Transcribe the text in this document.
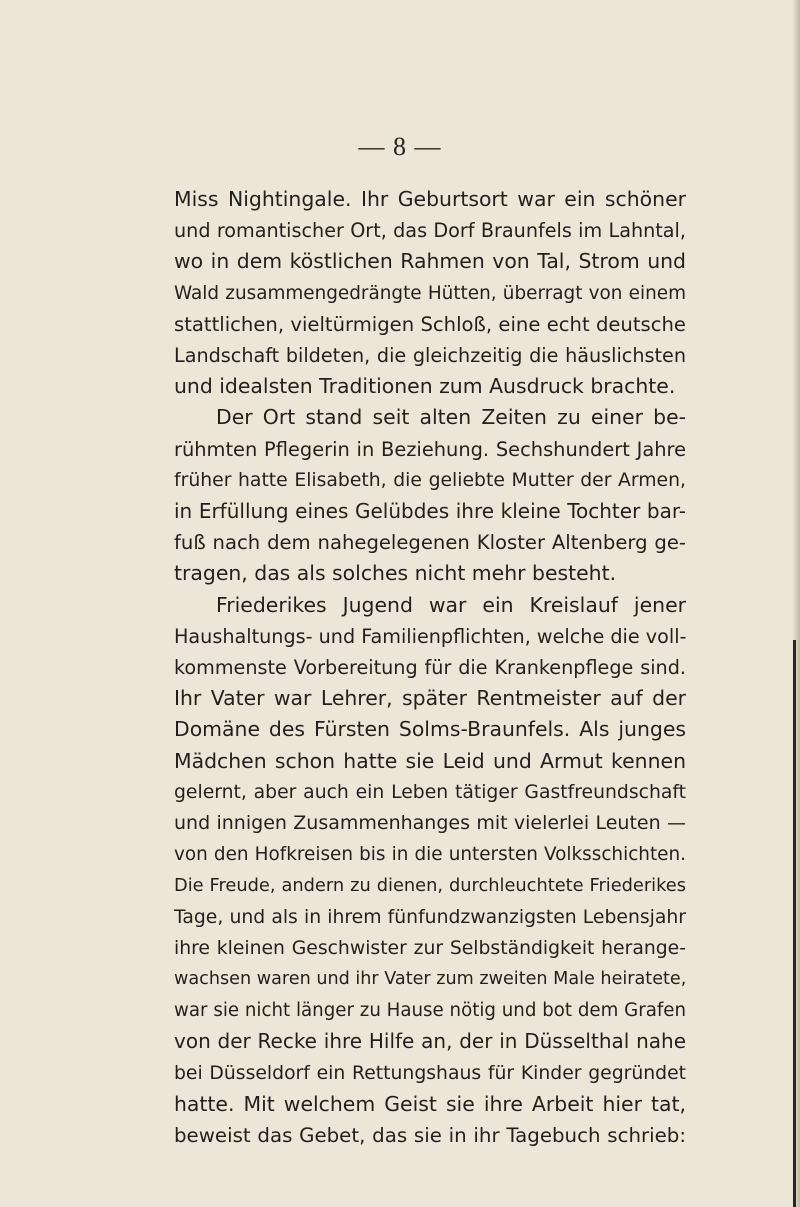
— 8 —
Miss Nightingale. Ihr Geburtsort war ein schöner
und romantischer Ort, das Dorf Braunfels im Lahntal,
wo in dem köstlichen Rahmen von Tal, Strom und
Wald zusammengedrängte Hütten, überragt von einem
stattlichen, vieltürmigen Schloß, eine echt deutsche
Landschaft bildeten, die gleichzeitig die häuslichsten
und idealsten Traditionen zum Ausdruck brachte.
Der Ort stand seit alten Zeiten zu einer be-
rühmten Pflegerin in Beziehung. Sechshundert Jahre
früher hatte Elisabeth, die geliebte Mutter der Armen,
in Erfüllung eines Gelübdes ihre kleine Tochter bar-
fuß nach dem nahegelegenen Kloster Altenberg ge-
tragen, das als solches nicht mehr besteht.
Friederikes Jugend war ein Kreislauf jener
Haushaltungs- und Familienpflichten, welche die voll-
kommenste Vorbereitung für die Krankenpflege sind.
Ihr Vater war Lehrer, später Rentmeister auf der
Domäne des Fürsten Solms-Braunfels. Als junges
Mädchen schon hatte sie Leid und Armut kennen
gelernt, aber auch ein Leben tätiger Gastfreundschaft
und innigen Zusammenhanges mit vielerlei Leuten —
von den Hofkreisen bis in die untersten Volksschichten.
Die Freude, andern zu dienen, durchleuchtete Friederikes
Tage, und als in ihrem fünfundzwanzigsten Lebensjahr
ihre kleinen Geschwister zur Selbständigkeit herange-
wachsen waren und ihr Vater zum zweiten Male heiratete,
war sie nicht länger zu Hause nötig und bot dem Grafen
von der Recke ihre Hilfe an, der in Düsselthal nahe
bei Düsseldorf ein Rettungshaus für Kinder gegründet
hatte. Mit welchem Geist sie ihre Arbeit hier tat,
beweist das Gebet, das sie in ihr Tagebuch schrieb:
